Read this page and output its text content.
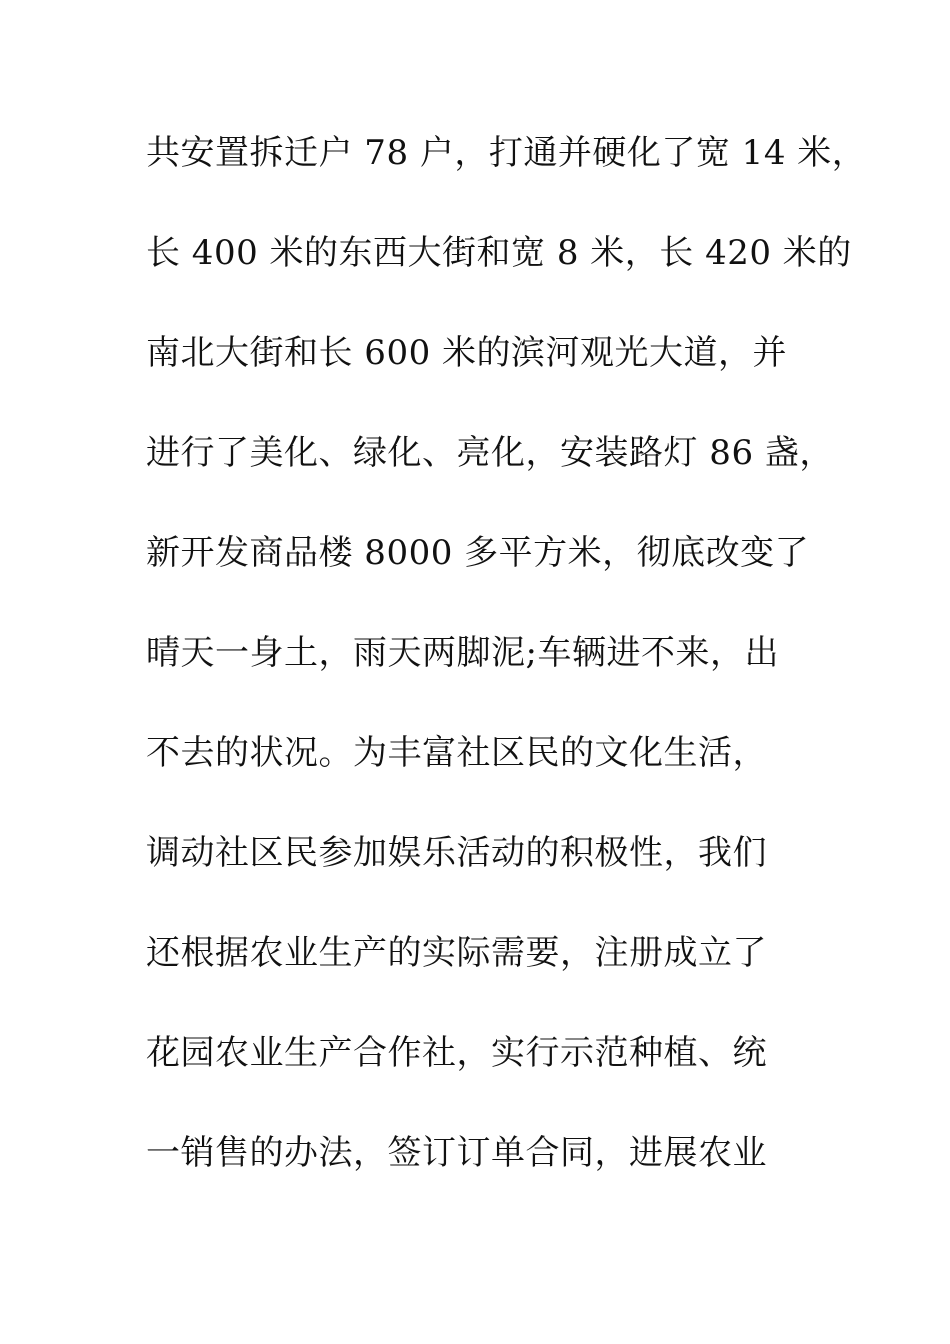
共安置拆迁户 78 户，打通并硬化了宽 14 米，
长 400 米的东西大街和宽 8 米，长 420 米的
南北大街和长 600 米的滨河观光大道，并
进行了美化、绿化、亮化，安装路灯 86 盏，
新开发商品楼 8000 多平方米，彻底改变了
晴天一身土，雨天两脚泥;车辆进不来，出
不去的状况。为丰富社区民的文化生活，
调动社区民参加娱乐活动的积极性，我们
还根据农业生产的实际需要，注册成立了
花园农业生产合作社，实行示范种植、统
一销售的办法，签订订单合同，进展农业
